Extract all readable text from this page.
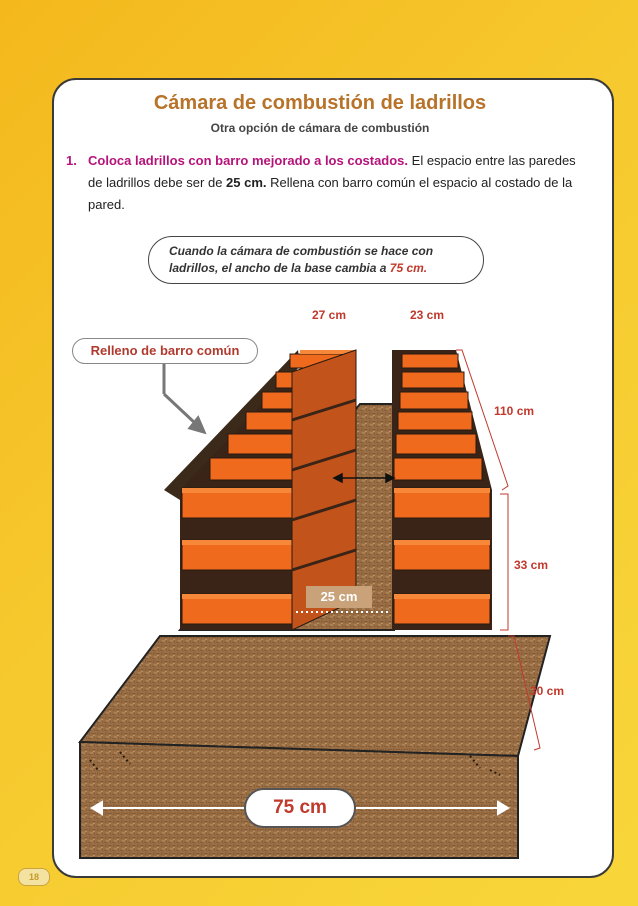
Cámara de combustión de ladrillos
Otra opción de cámara de combustión
1. Coloca ladrillos con barro mejorado a los costados. El espacio entre las paredes de ladrillos debe ser de 25 cm. Rellena con barro común el espacio al costado de la pared.
Cuando la cámara de combustión se hace con ladrillos, el ancho de la base cambia a 75 cm.
Relleno de barro común
27 cm	23 cm
110 cm
33 cm
30 cm
25 cm
75 cm
18
